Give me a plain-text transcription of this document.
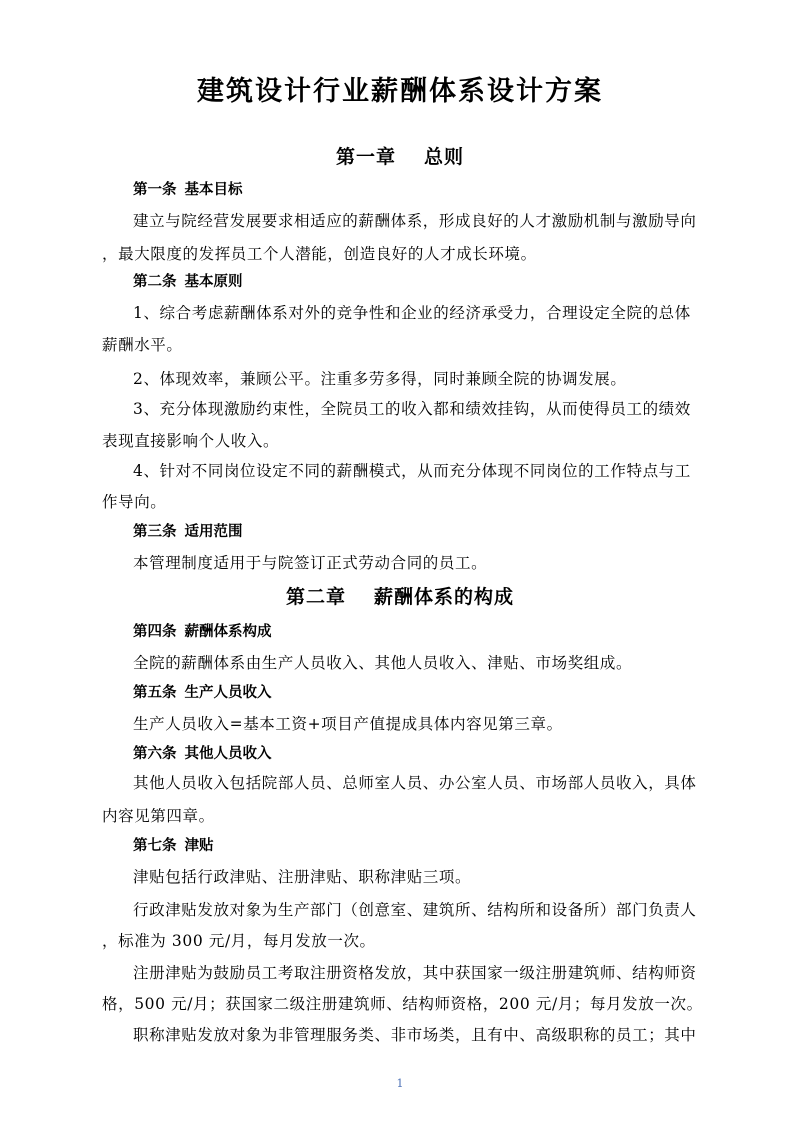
建筑设计行业薪酬体系设计方案
第一章 总则
第一条 基本目标
建立与院经营发展要求相适应的薪酬体系，形成良好的人才激励机制与激励导向
，最大限度的发挥员工个人潜能，创造良好的人才成长环境。
第二条 基本原则
1、综合考虑薪酬体系对外的竞争性和企业的经济承受力，合理设定全院的总体
薪酬水平。
2、体现效率，兼顾公平。注重多劳多得，同时兼顾全院的协调发展。
3、充分体现激励约束性，全院员工的收入都和绩效挂钩，从而使得员工的绩效
表现直接影响个人收入。
4、针对不同岗位设定不同的薪酬模式，从而充分体现不同岗位的工作特点与工
作导向。
第三条 适用范围
本管理制度适用于与院签订正式劳动合同的员工。
第二章 薪酬体系的构成
第四条 薪酬体系构成
全院的薪酬体系由生产人员收入、其他人员收入、津贴、市场奖组成。
第五条 生产人员收入
生产人员收入=基本工资+项目产值提成具体内容见第三章。
第六条 其他人员收入
其他人员收入包括院部人员、总师室人员、办公室人员、市场部人员收入，具体
内容见第四章。
第七条 津贴
津贴包括行政津贴、注册津贴、职称津贴三项。
行政津贴发放对象为生产部门（创意室、建筑所、结构所和设备所）部门负责人
，标准为 300 元/月，每月发放一次。
注册津贴为鼓励员工考取注册资格发放，其中获国家一级注册建筑师、结构师资
格，500 元/月；获国家二级注册建筑师、结构师资格，200 元/月；每月发放一次。
职称津贴发放对象为非管理服务类、非市场类，且有中、高级职称的员工；其中
1
